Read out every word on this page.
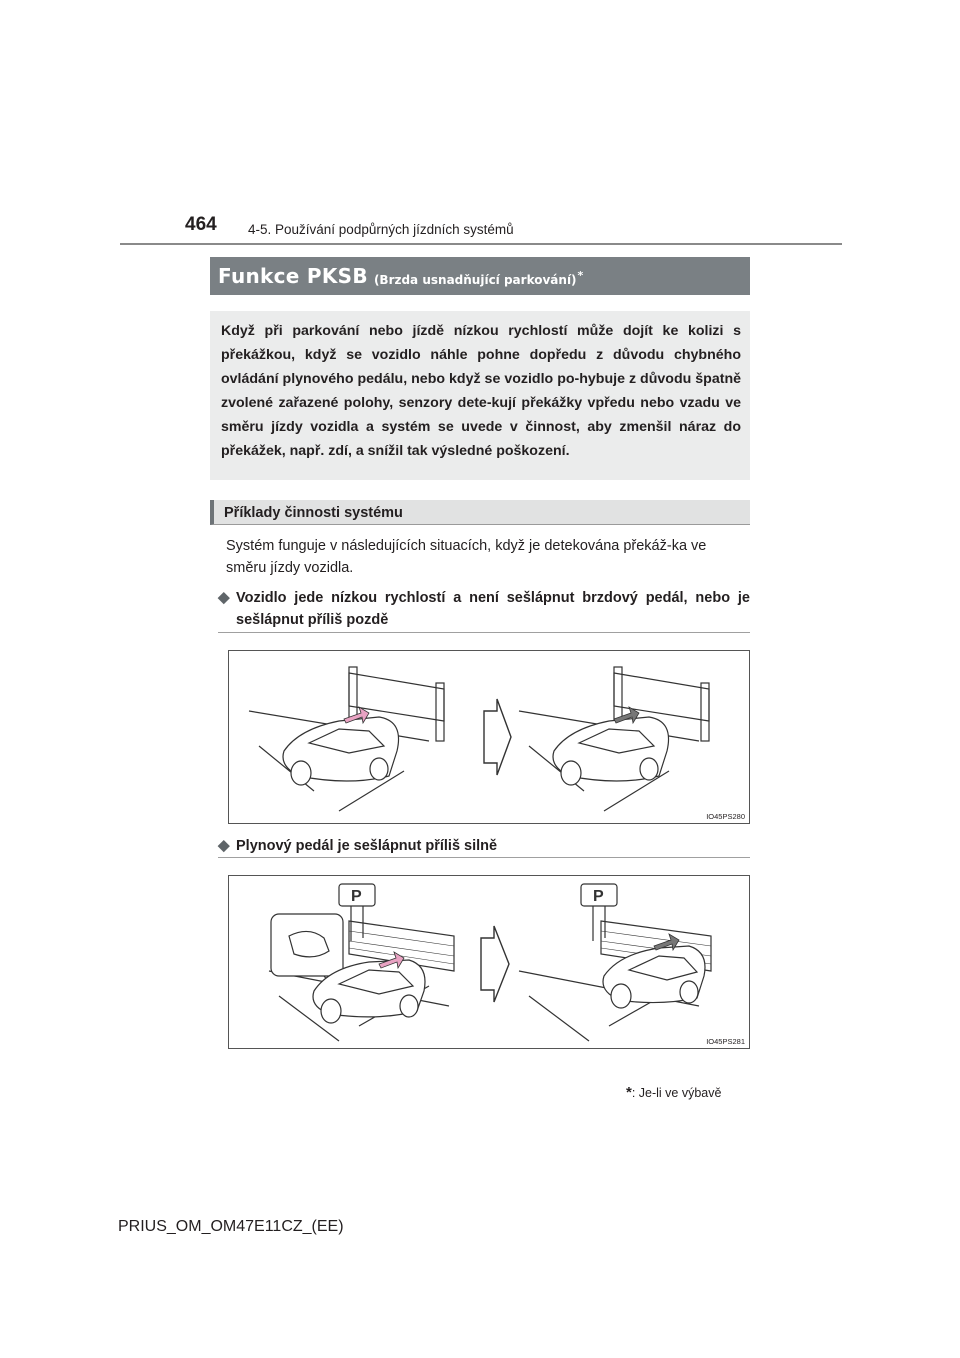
464 4-5. Používání podpůrných jízdních systémů
Funkce PKSB (Brzda usnadňující parkování)*
Když při parkování nebo jízdě nízkou rychlostí může dojít ke kolizi s překážkou, když se vozidlo náhle pohne dopředu z důvodu chybného ovládání plynového pedálu, nebo když se vozidlo po-hybuje z důvodu špatně zvolené zařazené polohy, senzory dete-kují překážky vpředu nebo vzadu ve směru jízdy vozidla a systém se uvede v činnost, aby zmenšil náraz do překážek, např. zdí, a snížil tak výsledné poškození.
Příklady činnosti systému
Systém funguje v následujících situacích, když je detekována překáž-ka ve směru jízdy vozidla.
◆ Vozidlo jede nízkou rychlostí a není sešlápnut brzdový pedál, nebo je sešlápnut příliš pozdě
IO45PS280
◆ Plynový pedál je sešlápnut příliš silně
P	P
IO45PS281
*: Je-li ve výbavě
PRIUS_OM_OM47E11CZ_(EE)
